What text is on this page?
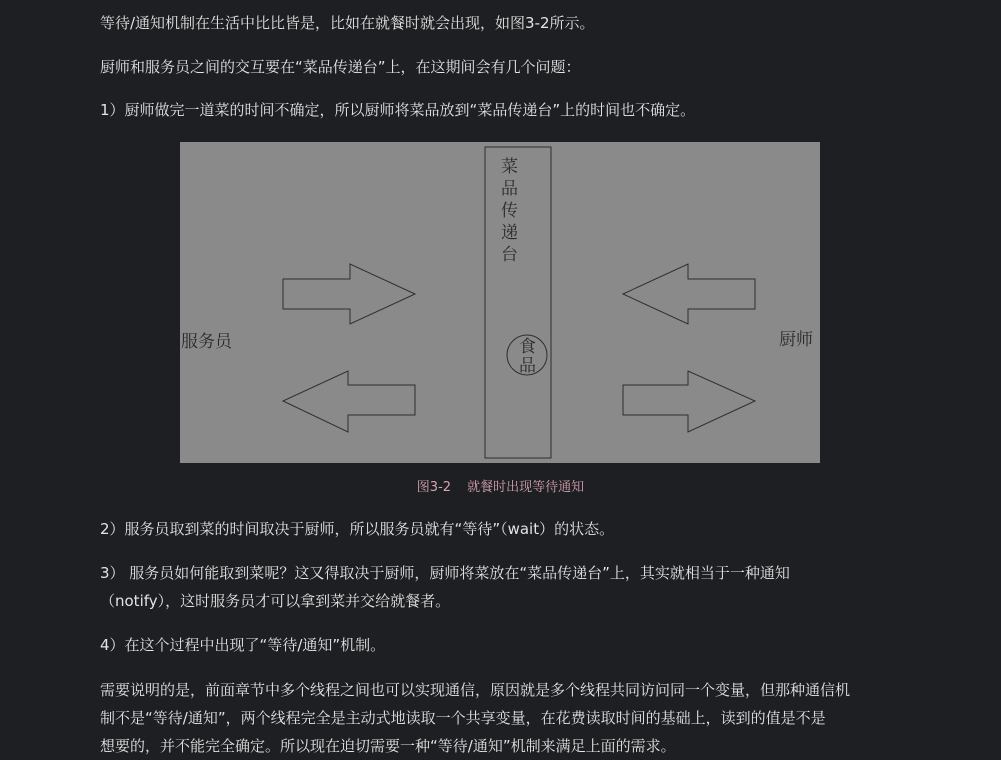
等待/通知机制在生活中比比皆是，比如在就餐时就会出现，如图3-2所示。

厨师和服务员之间的交互要在“菜品传递台”上，在这期间会有几个问题：

1）厨师做完一道菜的时间不确定，所以厨师将菜品放到“菜品传递台”上的时间也不确定。

2）服务员取到菜的时间取决于厨师，所以服务员就有“等待”（wait）的状态。

3） 服务员如何能取到菜呢？这又得取决于厨师，厨师将菜放在“菜品传递台”上，其实就相当于一种通知

（notify），这时服务员才可以拿到菜并交给就餐者。

4）在这个过程中出现了“等待/通知”机制。

需要说明的是，前面章节中多个线程之间也可以实现通信，原因就是多个线程共同访问同一个变量，但那种通信机

制不是“等待/通知”，两个线程完全是主动式地读取一个共享变量，在花费读取时间的基础上，读到的值是不是

想要的，并不能完全确定。所以现在迫切需要一种“等待/通知”机制来满足上面的需求。

菜
品
传
递
台
食
品
服务员	厨师
图3-2 就餐时出现等待通知
